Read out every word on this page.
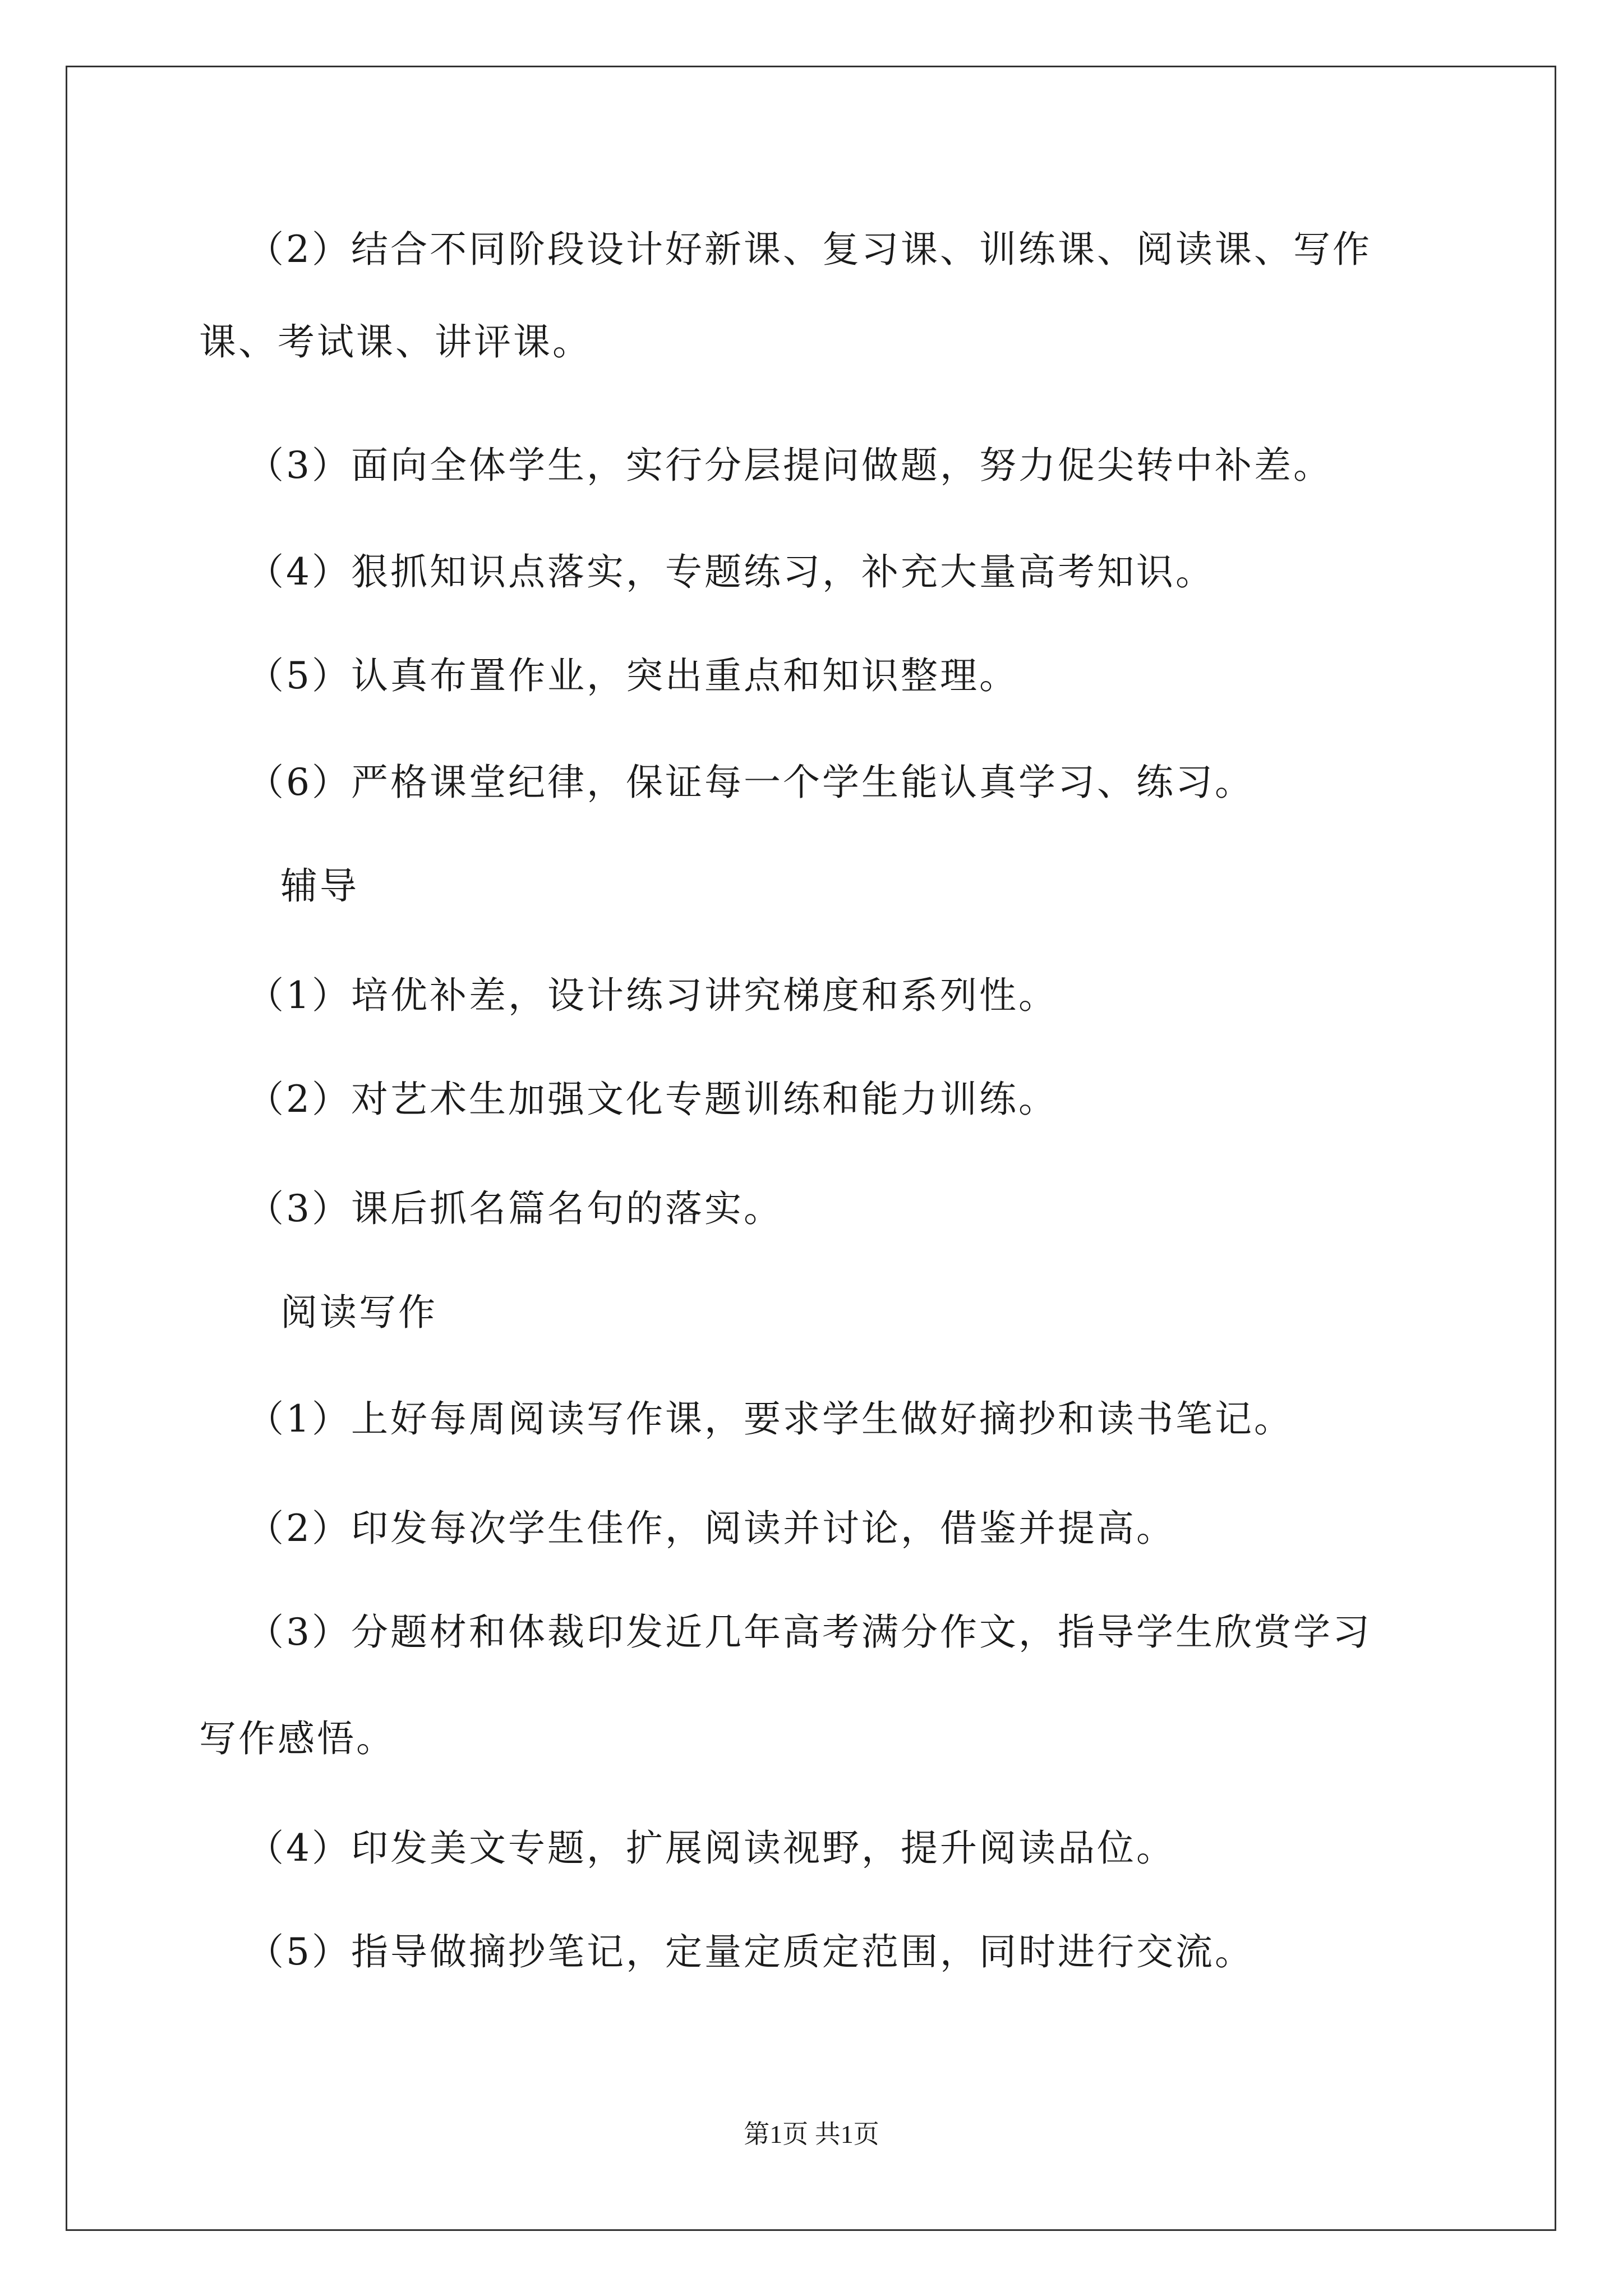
（2）结合不同阶段设计好新课、复习课、训练课、阅读课、写作
课、考试课、讲评课。
（3）面向全体学生，实行分层提问做题，努力促尖转中补差。
（4）狠抓知识点落实，专题练习，补充大量高考知识。
（5）认真布置作业，突出重点和知识整理。
（6）严格课堂纪律，保证每一个学生能认真学习、练习。
辅导
（1）培优补差，设计练习讲究梯度和系列性。
（2）对艺术生加强文化专题训练和能力训练。
（3）课后抓名篇名句的落实。
阅读写作
（1）上好每周阅读写作课，要求学生做好摘抄和读书笔记。
（2）印发每次学生佳作，阅读并讨论，借鉴并提高。
（3）分题材和体裁印发近几年高考满分作文，指导学生欣赏学习
写作感悟。
（4）印发美文专题，扩展阅读视野，提升阅读品位。
（5）指导做摘抄笔记，定量定质定范围，同时进行交流。
第1页 共1页
